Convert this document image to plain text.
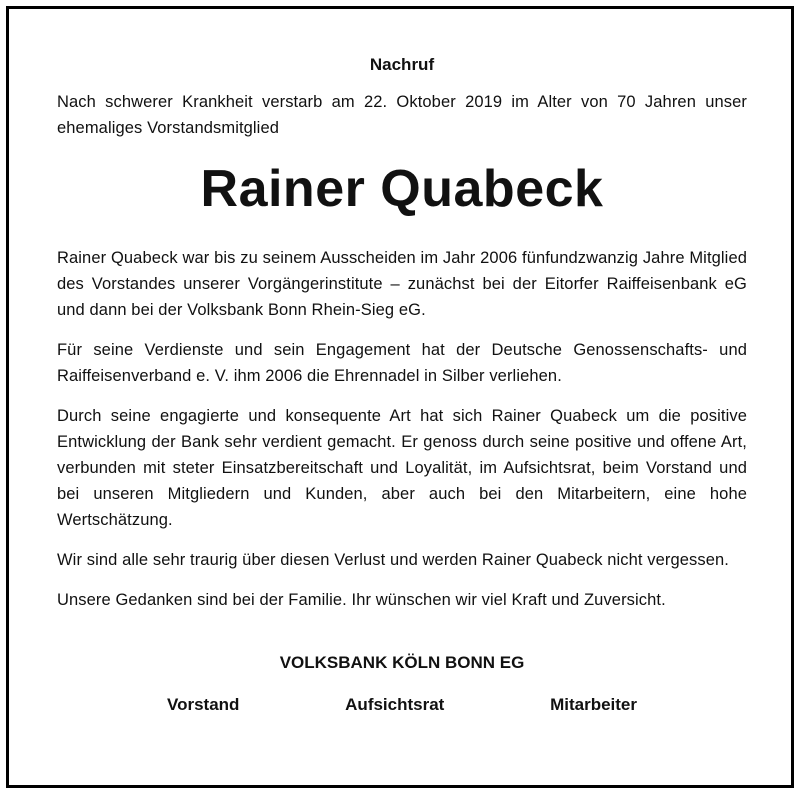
Nachruf

Nach schwerer Krankheit verstarb am 22. Oktober 2019 im Alter von 70 Jahren unser ehemaliges Vorstandsmitglied

Rainer Quabeck

Rainer Quabeck war bis zu seinem Ausscheiden im Jahr 2006 fünfundzwanzig Jahre Mitglied des Vorstandes unserer Vorgängerinstitute – zunächst bei der Eitorfer Raiffeisenbank eG und dann bei der Volksbank Bonn Rhein-Sieg eG.

Für seine Verdienste und sein Engagement hat der Deutsche Genossenschafts- und Raiffeisenverband e. V. ihm 2006 die Ehrennadel in Silber verliehen.

Durch seine engagierte und konsequente Art hat sich Rainer Quabeck um die positive Entwicklung der Bank sehr verdient gemacht. Er genoss durch seine positive und offene Art, verbunden mit steter Einsatzbereitschaft und Loyalität, im Aufsichtsrat, beim Vorstand und bei unseren Mitgliedern und Kunden, aber auch bei den Mitarbeitern, eine hohe Wertschätzung.

Wir sind alle sehr traurig über diesen Verlust und werden Rainer Quabeck nicht vergessen.

Unsere Gedanken sind bei der Familie. Ihr wünschen wir viel Kraft und Zuversicht.

VOLKSBANK KÖLN BONN EG
Vorstand	Aufsichtsrat	Mitarbeiter
